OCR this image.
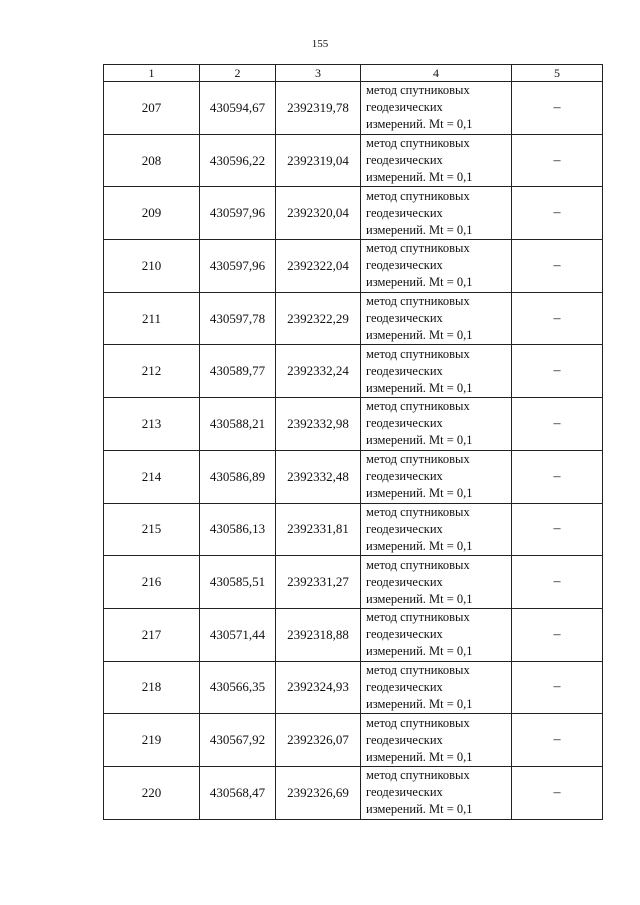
155
1	2	3	4	5
207	430594,67	2392319,78	метод спутниковых
геодезических
измерений. Mt = 0,1	–
208	430596,22	2392319,04	метод спутниковых
геодезических
измерений. Mt = 0,1	–
209	430597,96	2392320,04	метод спутниковых
геодезических
измерений. Mt = 0,1	–
210	430597,96	2392322,04	метод спутниковых
геодезических
измерений. Mt = 0,1	–
211	430597,78	2392322,29	метод спутниковых
геодезических
измерений. Mt = 0,1	–
212	430589,77	2392332,24	метод спутниковых
геодезических
измерений. Mt = 0,1	–
213	430588,21	2392332,98	метод спутниковых
геодезических
измерений. Mt = 0,1	–
214	430586,89	2392332,48	метод спутниковых
геодезических
измерений. Mt = 0,1	–
215	430586,13	2392331,81	метод спутниковых
геодезических
измерений. Mt = 0,1	–
216	430585,51	2392331,27	метод спутниковых
геодезических
измерений. Mt = 0,1	–
217	430571,44	2392318,88	метод спутниковых
геодезических
измерений. Mt = 0,1	–
218	430566,35	2392324,93	метод спутниковых
геодезических
измерений. Mt = 0,1	–
219	430567,92	2392326,07	метод спутниковых
геодезических
измерений. Mt = 0,1	–
220	430568,47	2392326,69	метод спутниковых
геодезических
измерений. Mt = 0,1	–
